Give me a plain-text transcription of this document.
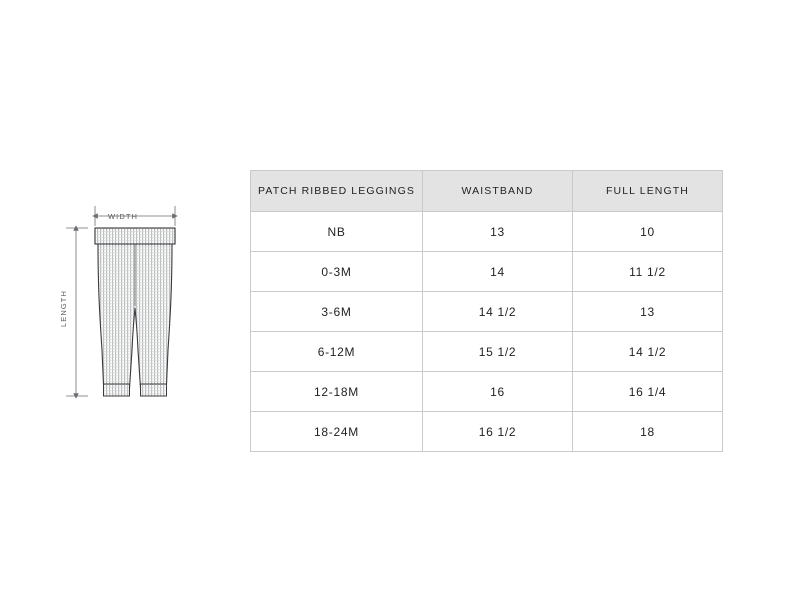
WIDTH
LENGTH
PATCH RIBBED LEGGINGS	WAISTBAND	FULL LENGTH
NB	13	10
0-3M	14	11 1/2
3-6M	14 1/2	13
6-12M	15 1/2	14 1/2
12-18M	16	16 1/4
18-24M	16 1/2	18
